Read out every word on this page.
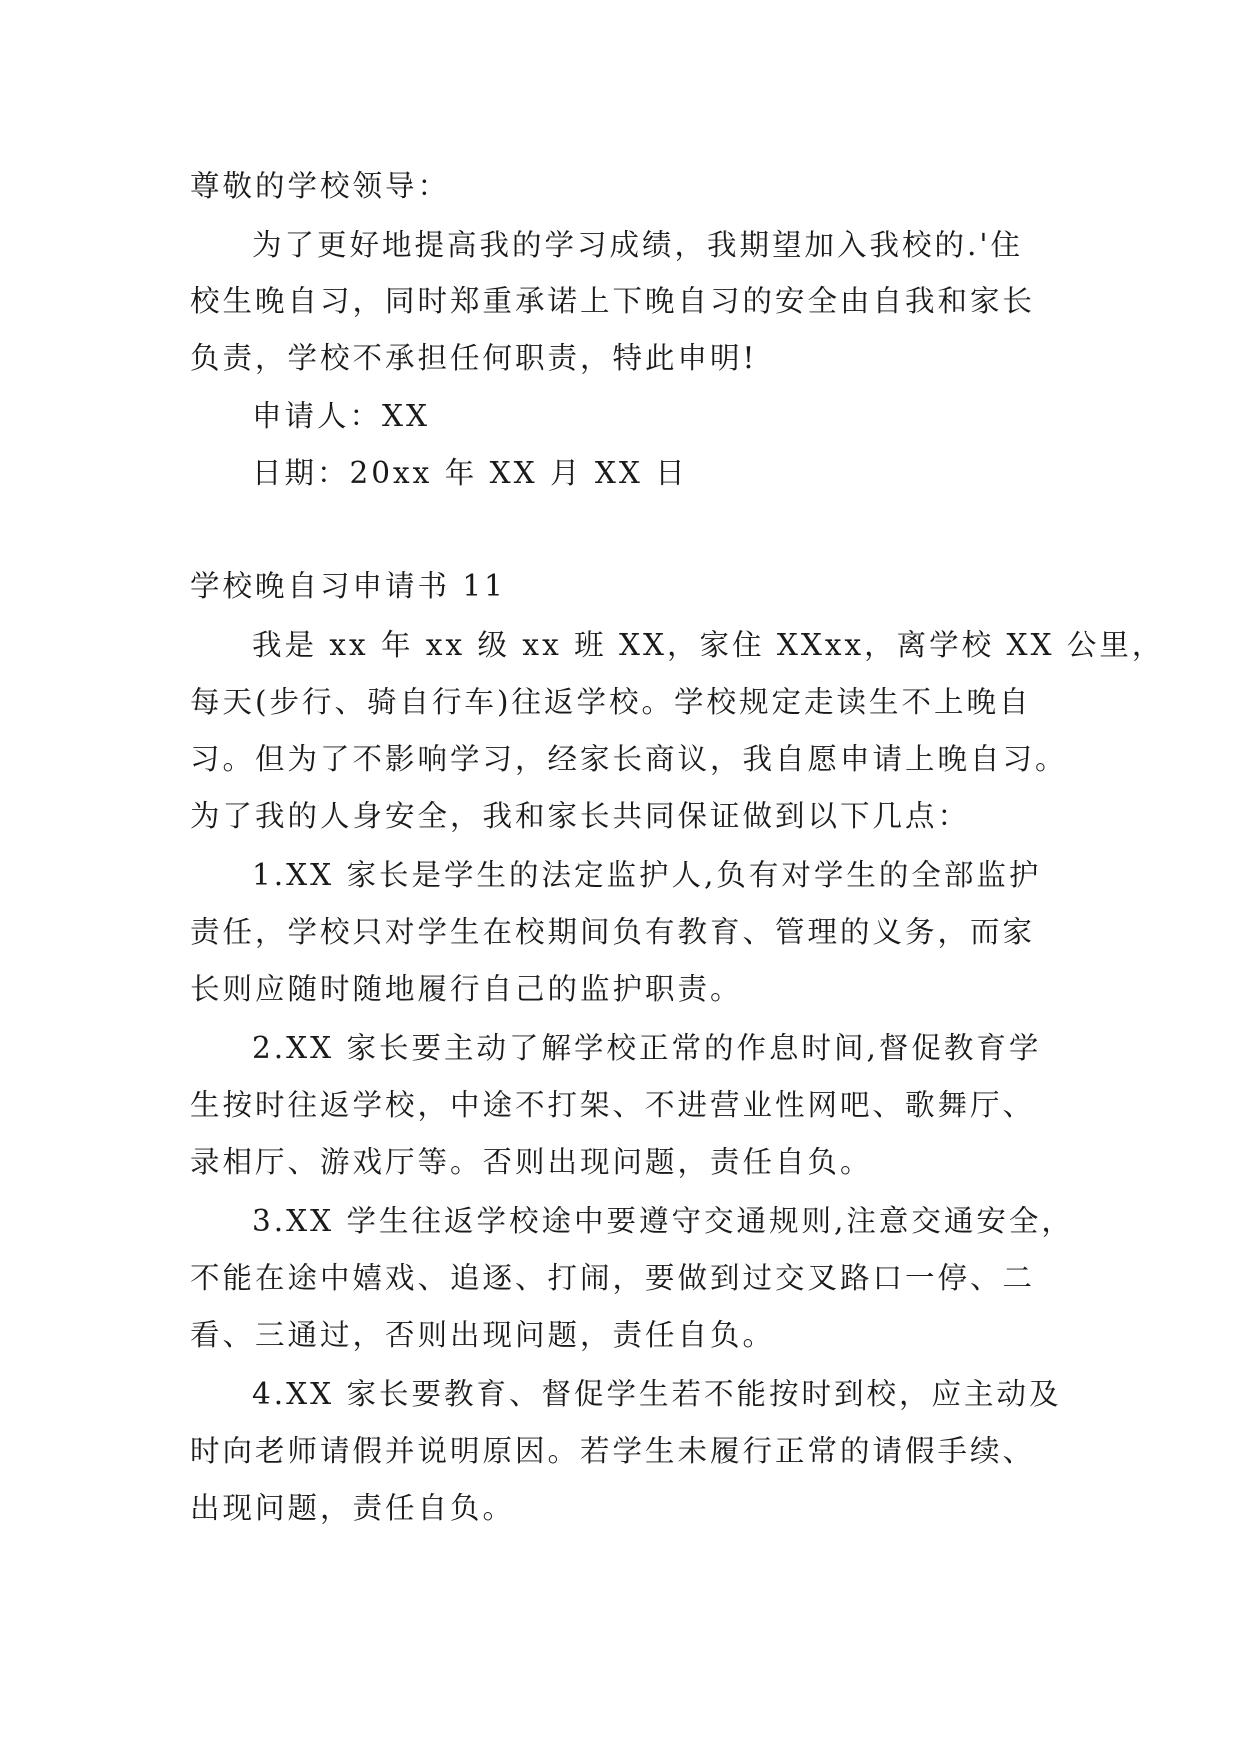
尊敬的学校领导：
为了更好地提高我的学习成绩，我期望加入我校的.'住
校生晚自习，同时郑重承诺上下晚自习的安全由自我和家长
负责，学校不承担任何职责，特此申明!
申请人：XX
日期：20xx 年 XX 月 XX 日
学校晚自习申请书 11
我是 xx 年 xx 级 xx 班 XX，家住 XXxx，离学校 XX 公里，
每天(步行、骑自行车)往返学校。学校规定走读生不上晚自
习。但为了不影响学习，经家长商议，我自愿申请上晚自习。
为了我的人身安全，我和家长共同保证做到以下几点：
1.XX 家长是学生的法定监护人,负有对学生的全部监护
责任，学校只对学生在校期间负有教育、管理的义务，而家
长则应随时随地履行自己的监护职责。
2.XX 家长要主动了解学校正常的作息时间,督促教育学
生按时往返学校，中途不打架、不进营业性网吧、歌舞厅、
录相厅、游戏厅等。否则出现问题，责任自负。
3.XX 学生往返学校途中要遵守交通规则,注意交通安全，
不能在途中嬉戏、追逐、打闹，要做到过交叉路口一停、二
看、三通过，否则出现问题，责任自负。
4.XX 家长要教育、督促学生若不能按时到校，应主动及
时向老师请假并说明原因。若学生未履行正常的请假手续、
出现问题，责任自负。
